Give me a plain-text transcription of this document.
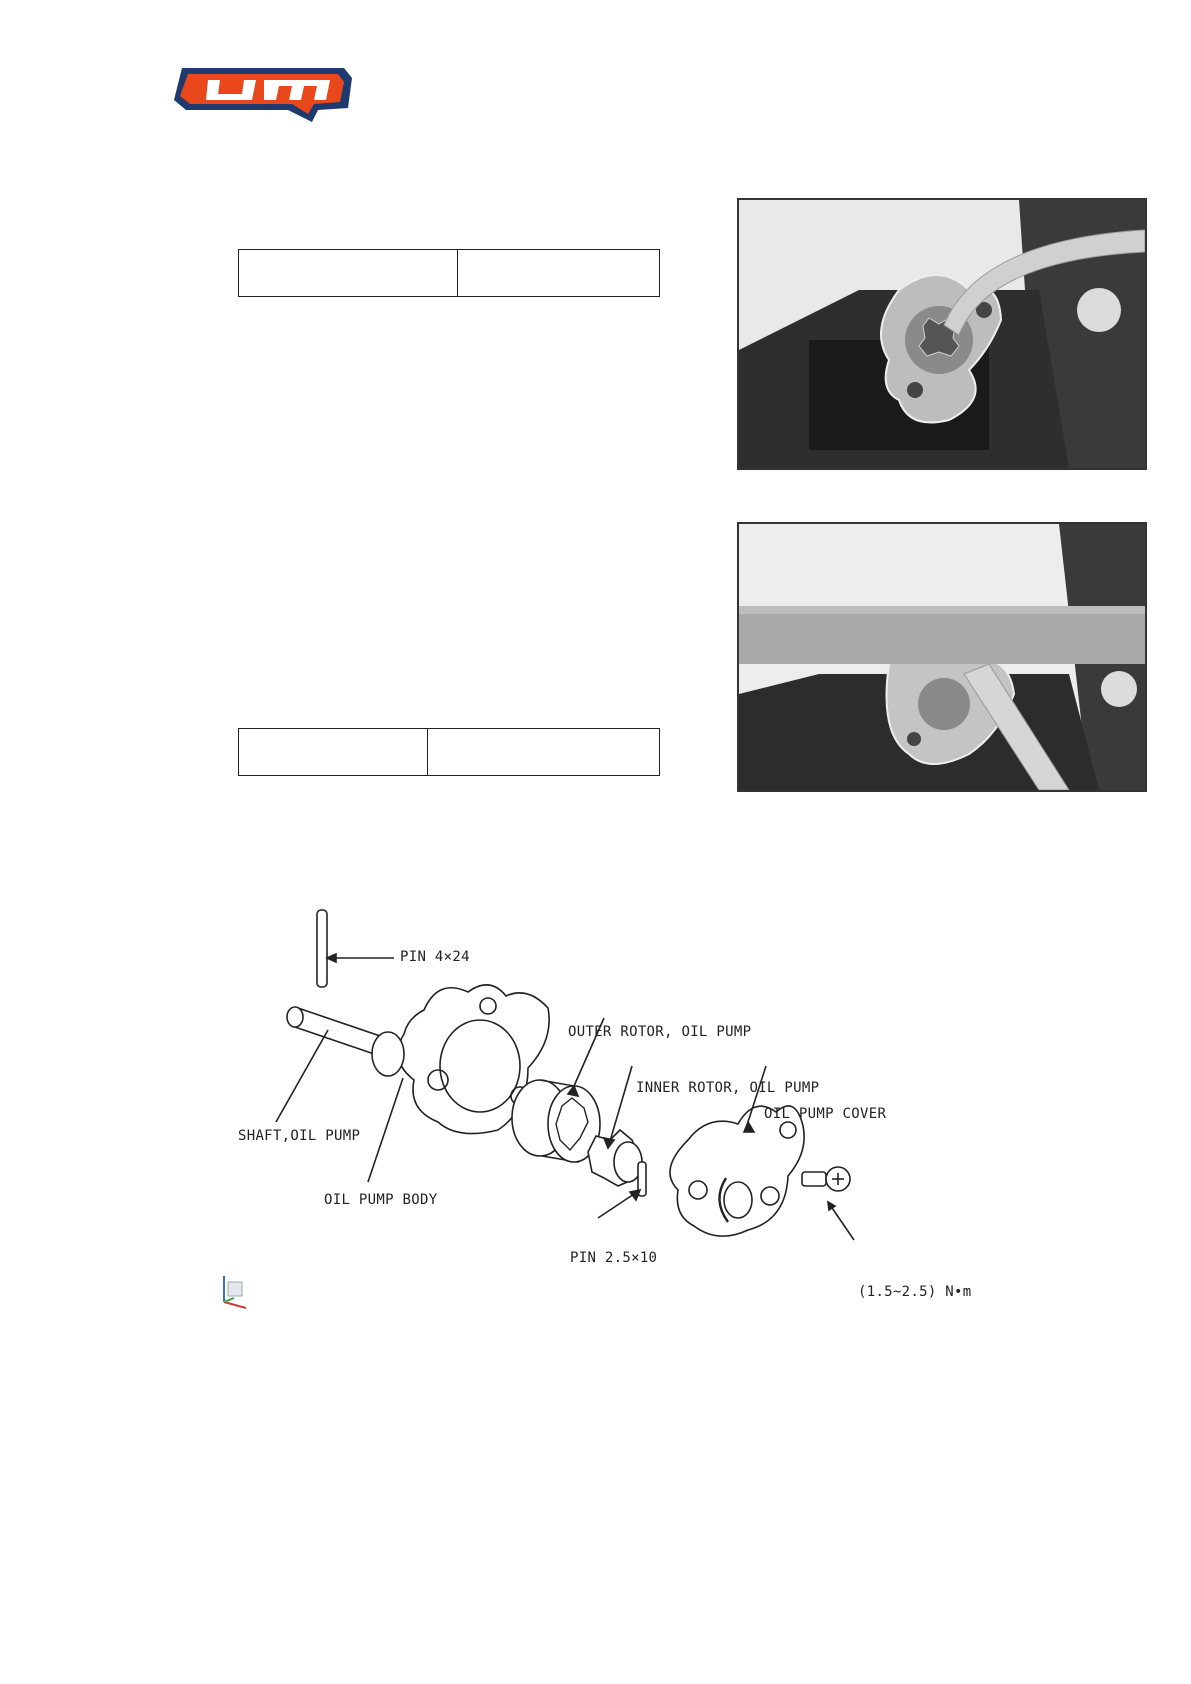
PIN 4×24
OUTER ROTOR, OIL PUMP
INNER ROTOR, OIL PUMP
OIL PUMP COVER
SHAFT,OIL PUMP
OIL PUMP BODY
PIN 2.5×10
(1.5~2.5) N•m
